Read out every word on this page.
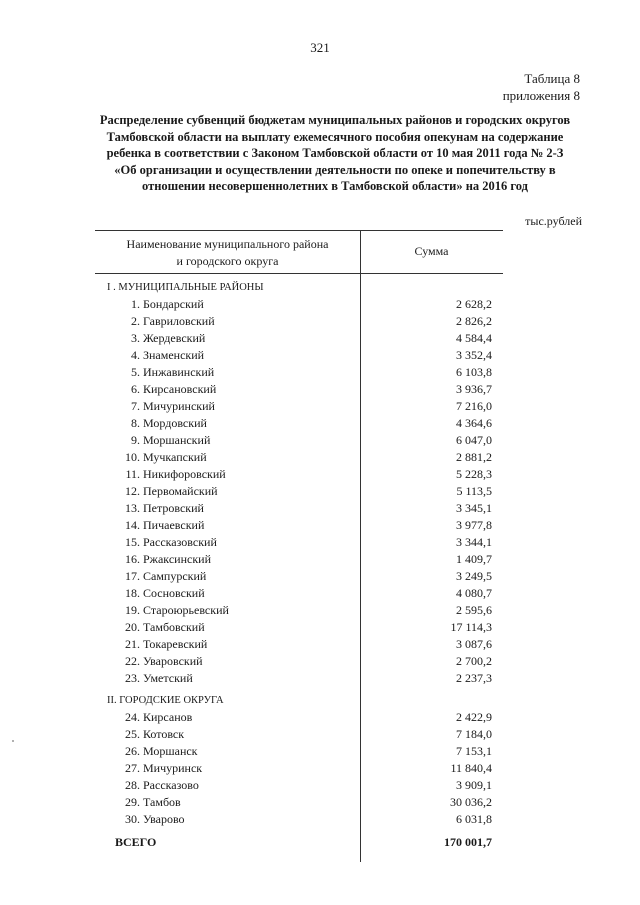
321
Таблица 8
приложения 8
Распределение субвенций бюджетам муниципальных районов и городских округов
Тамбовской области на выплату ежемесячного пособия опекунам на содержание
ребенка в соответствии с Законом Тамбовской области от 10 мая 2011 года № 2-З
«Об организации и осуществлении деятельности по опеке и попечительству в
отношении несовершеннолетних в Тамбовской области» на 2016 год
тыс.рублей
Наименование муниципального района
и городского округа
Сумма
I . МУНИЦИПАЛЬНЫЕ РАЙОНЫ
1. Бондарский	2 628,2
2. Гавриловский	2 826,2
3. Жердевский	4 584,4
4. Знаменский	3 352,4
5. Инжавинский	6 103,8
6. Кирсановский	3 936,7
7. Мичуринский	7 216,0
8. Мордовский	4 364,6
9. Моршанский	6 047,0
10. Мучкапский	2 881,2
11. Никифоровский	5 228,3
12. Первомайский	5 113,5
13. Петровский	3 345,1
14. Пичаевский	3 977,8
15. Рассказовский	3 344,1
16. Ржаксинский	1 409,7
17. Сампурский	3 249,5
18. Сосновский	4 080,7
19. Староюрьевский	2 595,6
20. Тамбовский	17 114,3
21. Токаревский	3 087,6
22. Уваровский	2 700,2
23. Уметский	2 237,3
II. ГОРОДСКИЕ ОКРУГА
24. Кирсанов	2 422,9
25. Котовск	7 184,0
26. Моршанск	7 153,1
27. Мичуринск	11 840,4
28. Рассказово	3 909,1
29. Тамбов	30 036,2
30. Уварово	6 031,8
ВСЕГО	170 001,7
